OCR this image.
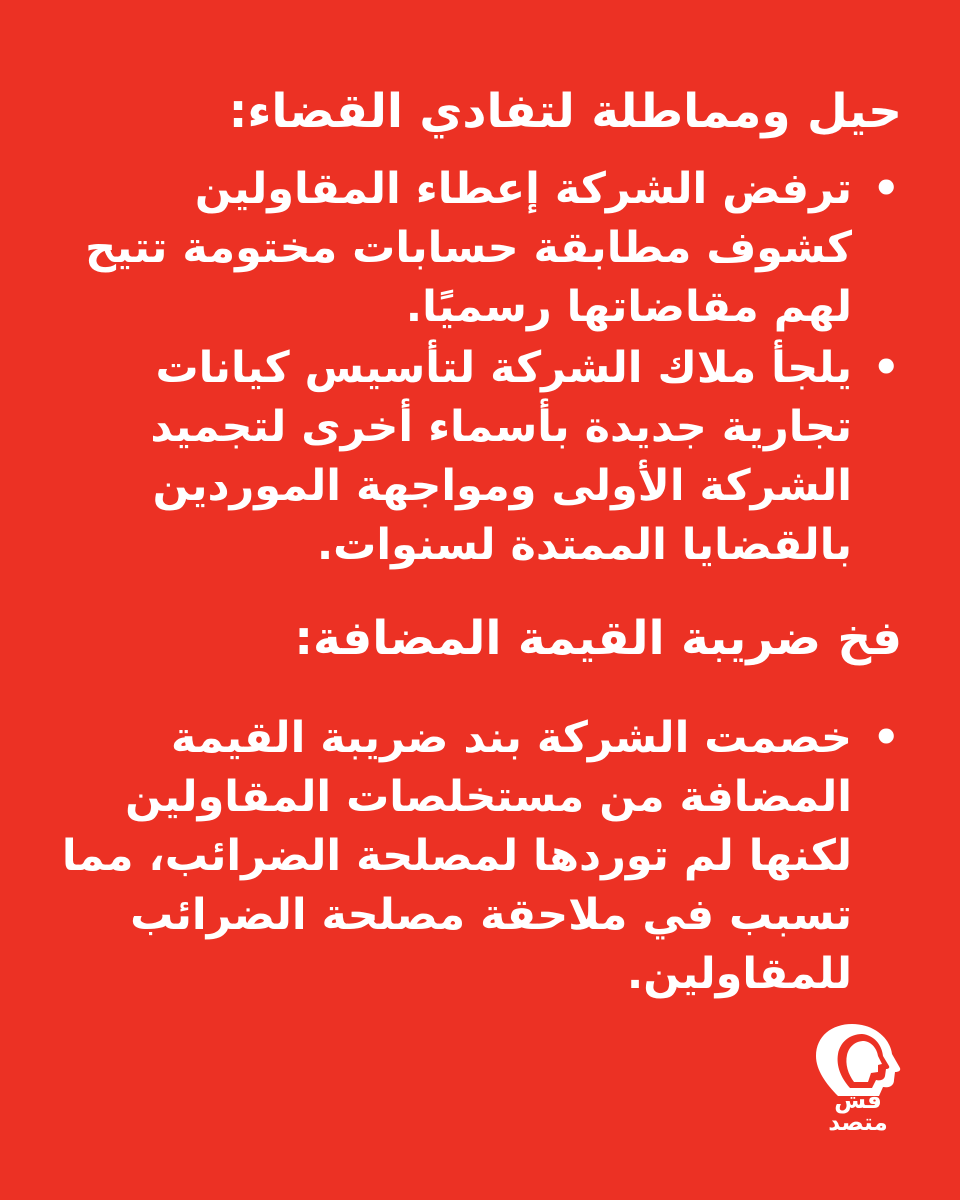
حيل ومماطلة لتفادي القضاء:
•
ترفض الشركة إعطاء المقاولين كشوف مطابقة حسابات مختومة تتيح لهم مقاضاتها رسميًا.
•
يلجأ ملاك الشركة لتأسيس كيانات تجارية جديدة بأسماء أخرى لتجميد الشركة الأولى ومواجهة الموردين بالقضايا الممتدة لسنوات.
فخ ضريبة القيمة المضافة:
•
خصمت الشركة بند ضريبة القيمة المضافة من مستخلصات المقاولين لكنها لم توردها لمصلحة الضرائب، مما تسبب في ملاحقة مصلحة الضرائب للمقاولين.
قش
متصد
